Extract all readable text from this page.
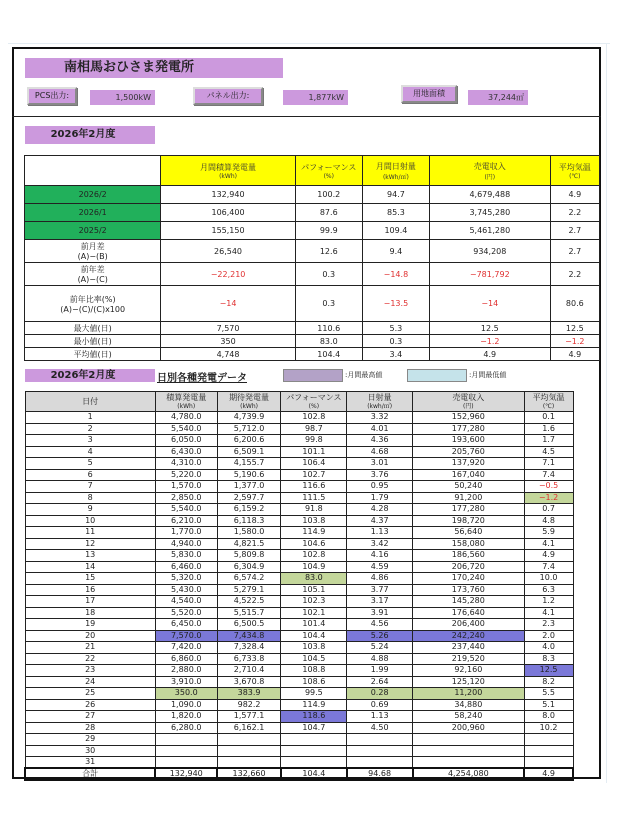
南相馬おひさま発電所
PCS出力:	1,500kW	パネル出力:	1,877kW	用地面積	37,244㎡
2026年2月度
	月間積算発電量
(kWh)	パフォーマンス
(%)	月間日射量
(kWh/㎡)	売電収入
(円)	平均気温
(℃)

2026/2	132,940	100.2	94.7	4,679,488	4.9
2026/1	106,400	87.6	85.3	3,745,280	2.2
2025/2	155,150	99.9	109.4	5,461,280	2.7
前月差
(A)−(B)	26,540	12.6	9.4	934,208	2.7
前年差
(A)−(C)	−22,210	0.3	−14.8	−781,792	2.2
前年比率(%)
(A)−(C)/(C)x100	−14	0.3	−13.5	−14	80.6
最大値(日)	7,570	110.6	5.3	12.5	12.5
最小値(日)	350	83.0	0.3	−1.2	−1.2
平均値(日)	4,748	104.4	3.4	4.9	4.9
2026年2月度	日別各種発電データ	:月間最高値	:月間最低値
日付	積算発電量
(kWh)	期待発電量
(kWh)	パフォーマンス
(%)	日射量
(kwh/㎡)	売電収入
(円)	平均気温
(℃)

1	4,780.0	4,739.9	102.8	3.32	152,960	0.1
2	5,540.0	5,712.0	98.7	4.01	177,280	1.6
3	6,050.0	6,200.6	99.8	4.36	193,600	1.7
4	6,430.0	6,509.1	101.1	4.68	205,760	4.5
5	4,310.0	4,155.7	106.4	3.01	137,920	7.1
6	5,220.0	5,190.6	102.7	3.76	167,040	7.4
7	1,570.0	1,377.0	116.6	0.95	50,240	−0.5
8	2,850.0	2,597.7	111.5	1.79	91,200	−1.2
9	5,540.0	6,159.2	91.8	4.28	177,280	0.7
10	6,210.0	6,118.3	103.8	4.37	198,720	4.8
11	1,770.0	1,580.0	114.9	1.13	56,640	5.9
12	4,940.0	4,821.5	104.6	3.42	158,080	4.1
13	5,830.0	5,809.8	102.8	4.16	186,560	4.9
14	6,460.0	6,304.9	104.9	4.59	206,720	7.4
15	5,320.0	6,574.2	83.0	4.86	170,240	10.0
16	5,430.0	5,279.1	105.1	3.77	173,760	6.3
17	4,540.0	4,522.5	102.3	3.17	145,280	1.2
18	5,520.0	5,515.7	102.1	3.91	176,640	4.1
19	6,450.0	6,500.5	101.4	4.56	206,400	2.3
20	7,570.0	7,434.8	104.4	5.26	242,240	2.0
21	7,420.0	7,328.4	103.8	5.24	237,440	4.0
22	6,860.0	6,733.8	104.5	4.88	219,520	8.3
23	2,880.0	2,710.4	108.8	1.99	92,160	12.5
24	3,910.0	3,670.8	108.6	2.64	125,120	8.2
25	350.0	383.9	99.5	0.28	11,200	5.5
26	1,090.0	982.2	114.9	0.69	34,880	5.1
27	1,820.0	1,577.1	118.6	1.13	58,240	8.0
28	6,280.0	6,162.1	104.7	4.50	200,960	10.2
29						
30						
31						
合計	132,940	132,660	104.4	94.68	4,254,080	4.9
